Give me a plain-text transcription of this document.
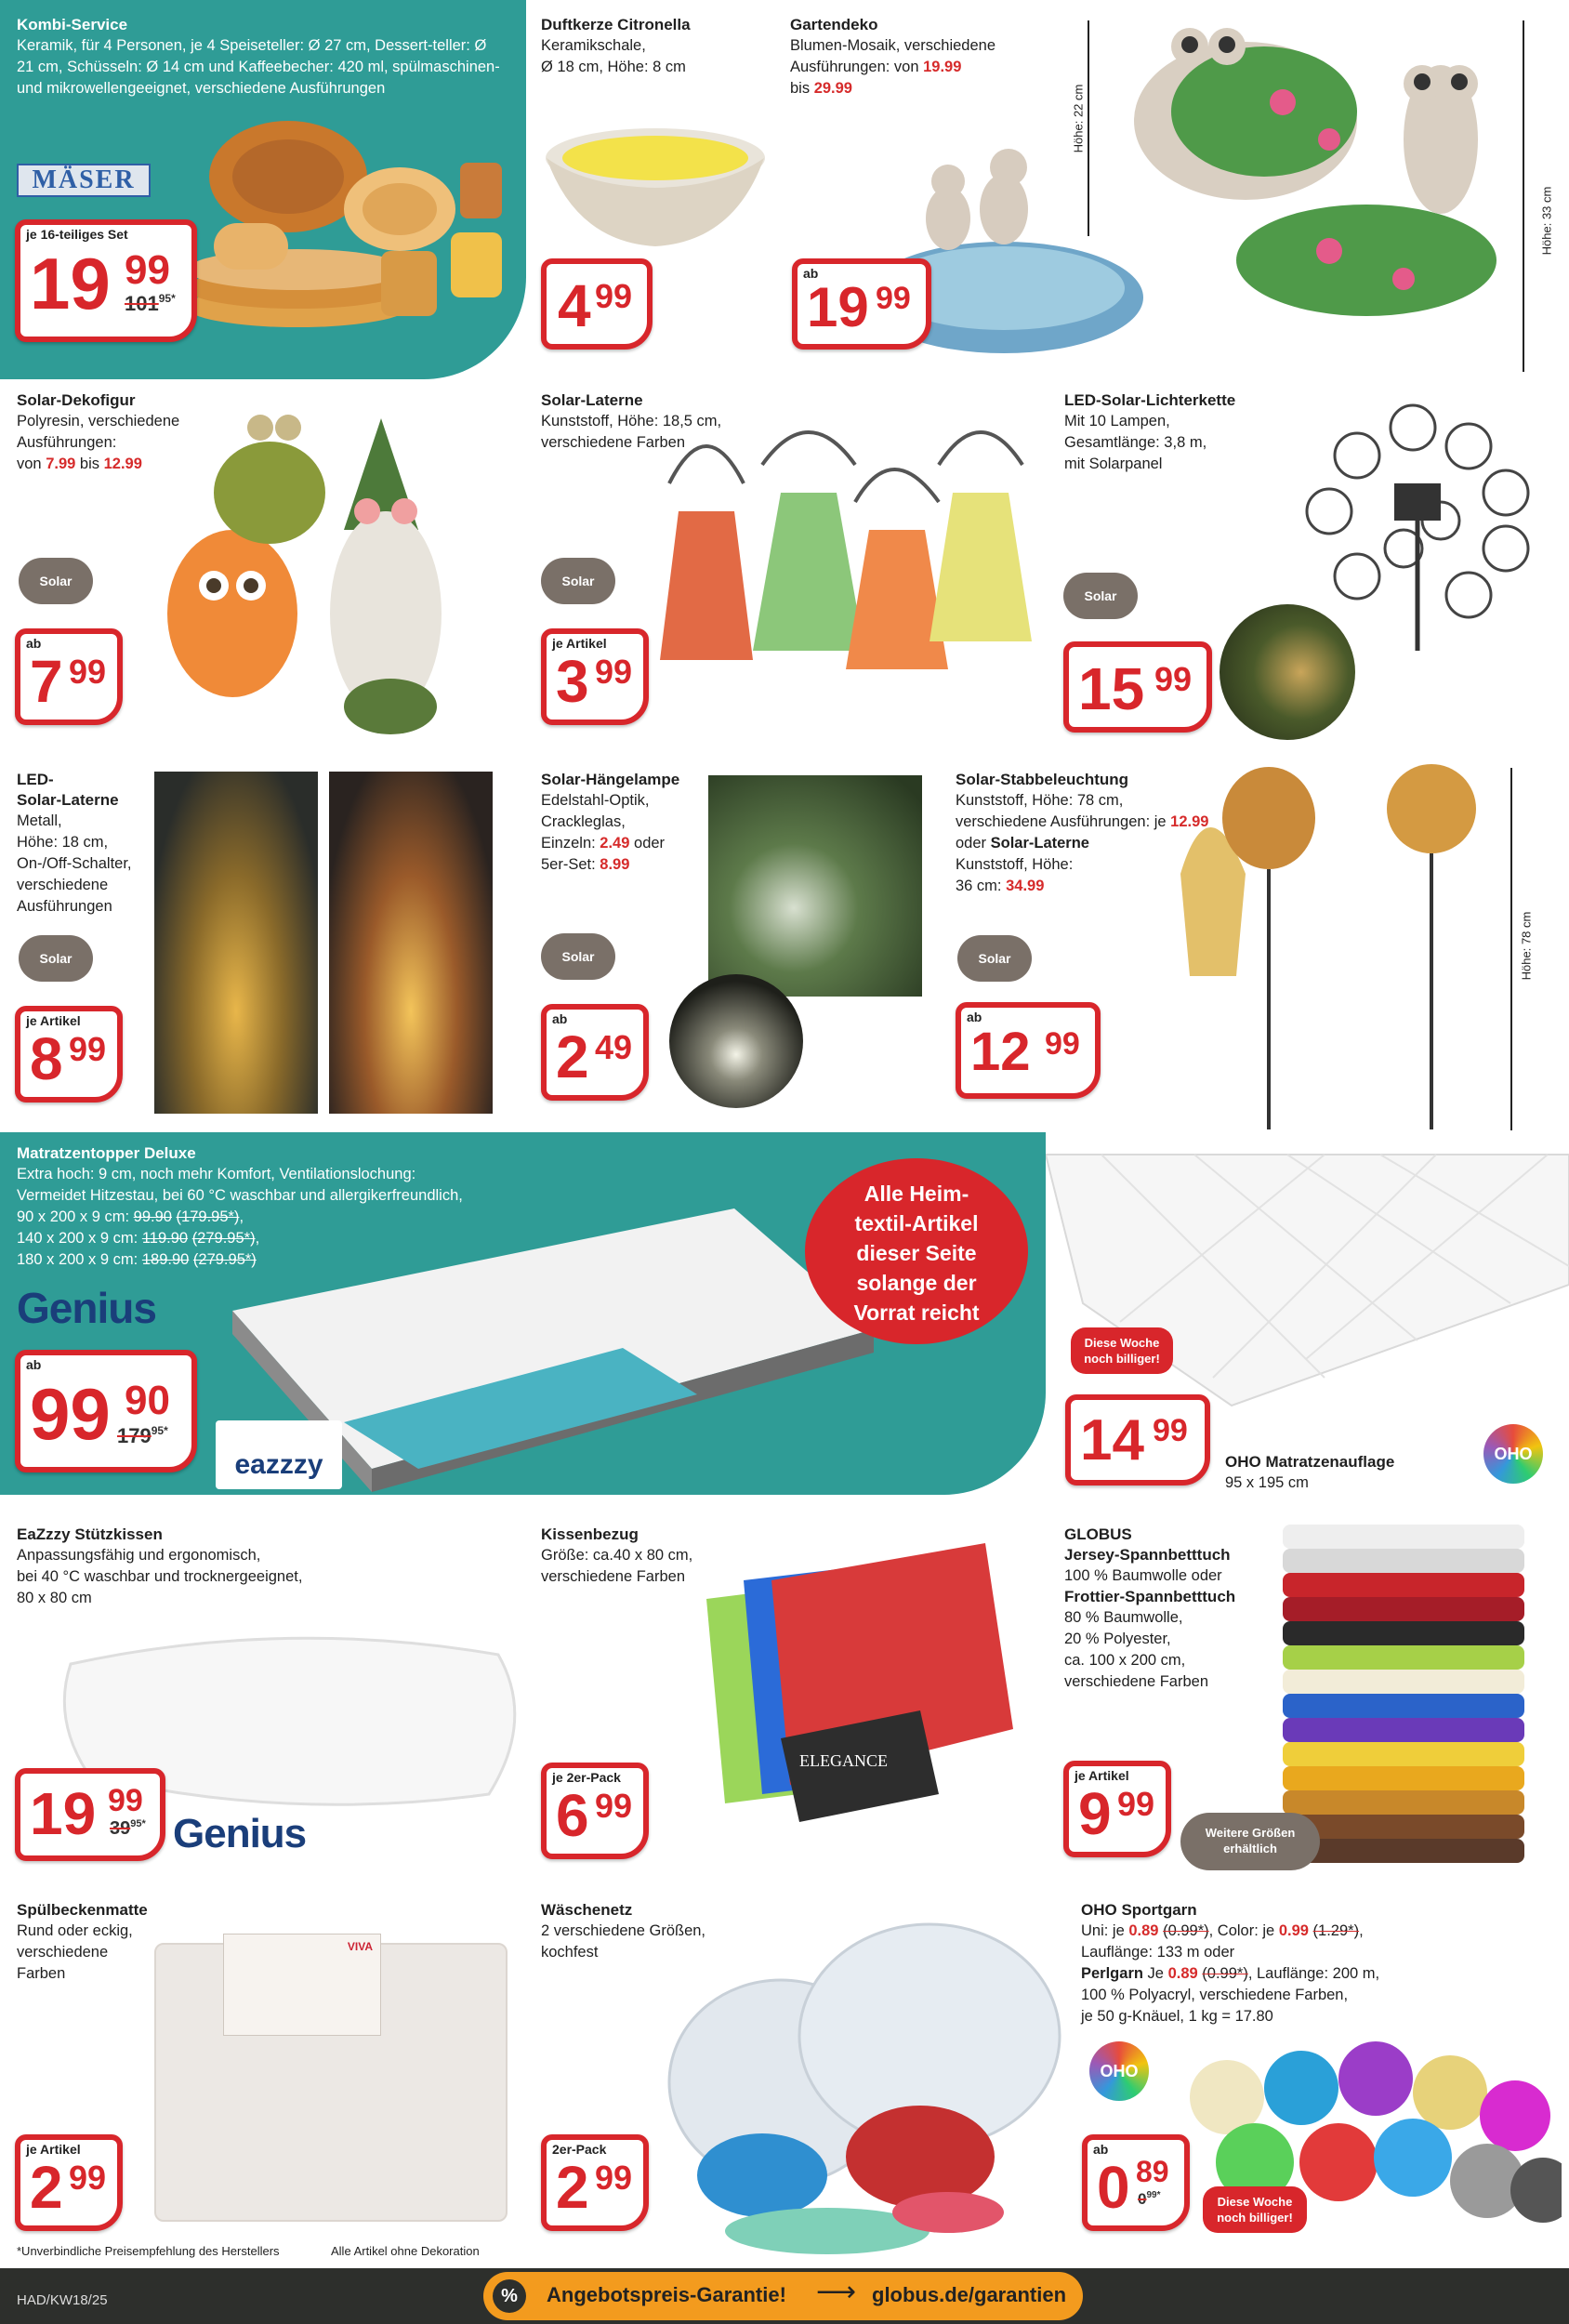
Kombi-Service
Keramik, für 4 Personen, je 4 Speiseteller: Ø 27 cm, Dessert-teller: Ø 21 cm, Schüsseln: Ø 14 cm und Kaffeebecher: 420 ml, spülmaschinen- und mikrowellengeeignet, verschiedene Ausführungen
MÄSER
je 16-teiliges Set
19 99
$101^{95*}$
Duftkerze Citronella
Keramikschale,
Ø 18 cm, Höhe: 8 cm
4 99
Gartendeko
Blumen-Mosaik, verschiedene
Ausführungen: von 19.99
bis 29.99	Höhe: 22 cm
Höhe: 33 cm
ab
19 99
Solar-Dekofigur
Polyresin, verschiedene
Ausführungen:
von 7.99 bis 12.99
Solar
ab
7 99
Solar-Laterne
Kunststoff, Höhe: 18,5 cm,
verschiedene Farben
Solar
je Artikel
3 99
LED-Solar-Lichterkette
Mit 10 Lampen,
Gesamtlänge: 3,8 m,
mit Solarpanel
Solar
15 99
LED-
Solar-Laterne
Metall,
Höhe: 18 cm,
On-/Off-Schalter,
verschiedene
Ausführungen
Solar
je Artikel
8 99
Solar-Hängelampe
Edelstahl-Optik,
Crackleglas,
Einzeln: 2.49 oder
5er-Set: 8.99
Solar
ab
2 49
Solar-Stabbeleuchtung
Kunststoff, Höhe: 78 cm,
verschiedene Ausführungen: je 12.99
oder Solar-Laterne
Kunststoff, Höhe:
36 cm: 34.99
Solar	Höhe: 78 cm
ab
12 99
Matratzentopper Deluxe
Extra hoch: 9 cm, noch mehr Komfort, Ventilationslochung:
Vermeidet Hitzestau, bei 60 °C waschbar und allergikerfreundlich,
90 x 200 x 9 cm: 99.90 (179.95*),
140 x 200 x 9 cm: 119.90 (279.95*),
180 x 200 x 9 cm: 189.90 (279.95*)
Genius
Alle Heim-
textil-Artikel
dieser Seite
solange der
Vorrat reicht
ab
99 90
$179^{95*}$
eazzzy
Diese Woche
noch billiger!
14 99
OHO Matratzenauflage
95 x 195 cm
OHO
EaZzzy Stützkissen
Anpassungsfähig und ergonomisch,
bei 40 °C waschbar und trocknergeeignet,
80 x 80 cm
19 99
$39^{95*}$ Genius
Kissenbezug
Größe: ca.40 x 80 cm,
verschiedene Farben
ELEGANCE
je 2er-Pack
6 99
GLOBUS
Jersey-Spannbetttuch
100 % Baumwolle oder
Frottier-Spannbetttuch
80 % Baumwolle,
20 % Polyester,
ca. 100 x 200 cm,
verschiedene Farben
je Artikel
9 99
Weitere Größen
erhältlich
Spülbeckenmatte
Rund oder eckig,
verschiedene
Farben
VIVA
je Artikel
2 99
Wäschenetz
2 verschiedene Größen,
kochfest
2er-Pack
2 99
OHO Sportgarn
Uni: je 0.89 (0.99*), Color: je 0.99 (1.29*),
Lauflänge: 133 m oder
Perlgarn Je 0.89 (0.99*), Lauflänge: 200 m,
100 % Polyacryl, verschiedene Farben,
je 50 g-Knäuel, 1 kg = 17.80
OHO
ab
0 89
$0^{99*}$	Diese Woche
noch billiger!
*Unverbindliche Preisempfehlung des Herstellers	Alle Artikel ohne Dekoration
HAD/KW18/25	%	Angebotspreis-Garantie! ⟶ globus.de/garantien
